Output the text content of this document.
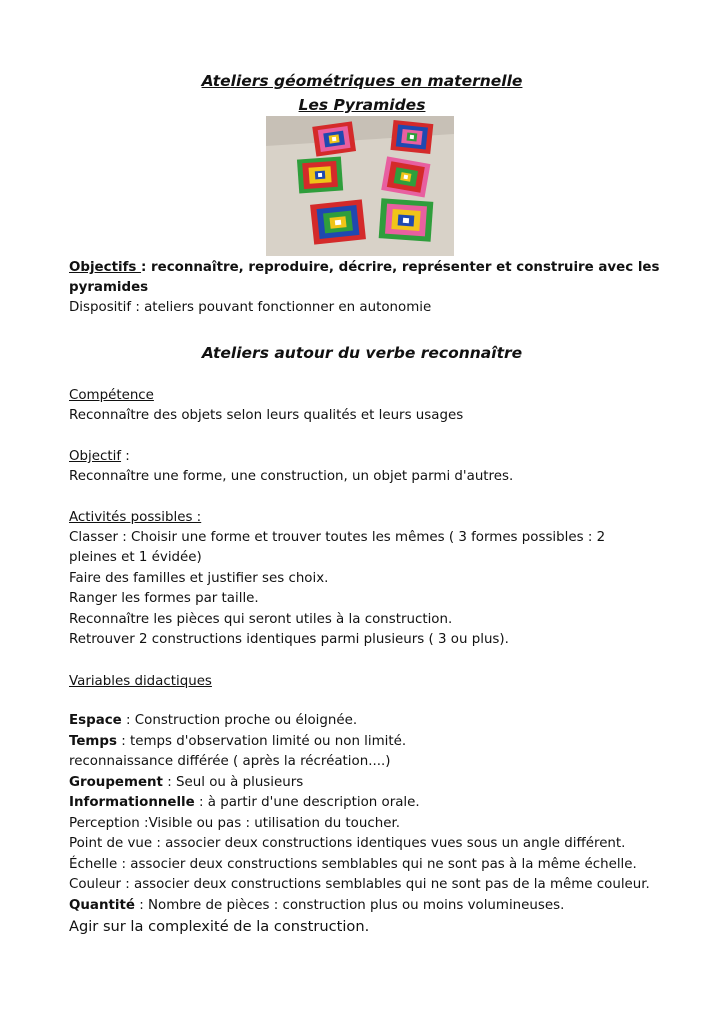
Ateliers géométriques en maternelle
Les Pyramides
Objectifs : reconnaître, reproduire, décrire, représenter et construire avec les
pyramides
Dispositif : ateliers pouvant fonctionner en autonomie
Ateliers autour du verbe reconnaître
Compétence
Reconnaître des objets selon leurs qualités et leurs usages
Objectif :
Reconnaître une forme, une construction, un objet parmi d'autres.
Activités possibles :
Classer : Choisir une forme et trouver toutes les mêmes ( 3 formes possibles : 2
pleines et 1 évidée)
Faire des familles et justifier ses choix.
Ranger les formes par taille.
Reconnaître les pièces qui seront utiles à la construction.
Retrouver 2 constructions identiques parmi plusieurs ( 3 ou plus).
Variables didactiques
Espace : Construction proche ou éloignée.
Temps : temps d'observation limité ou non limité.
reconnaissance différée ( après la récréation....)
Groupement : Seul ou à plusieurs
Informationnelle : à partir d'une description orale.
Perception :Visible ou pas : utilisation du toucher.
Point de vue : associer deux constructions identiques vues sous un angle différent.
Échelle : associer deux constructions semblables qui ne sont pas à la même échelle.
Couleur : associer deux constructions semblables qui ne sont pas de la même couleur.
Quantité : Nombre de pièces : construction plus ou moins volumineuses.
Agir sur la complexité de la construction.
